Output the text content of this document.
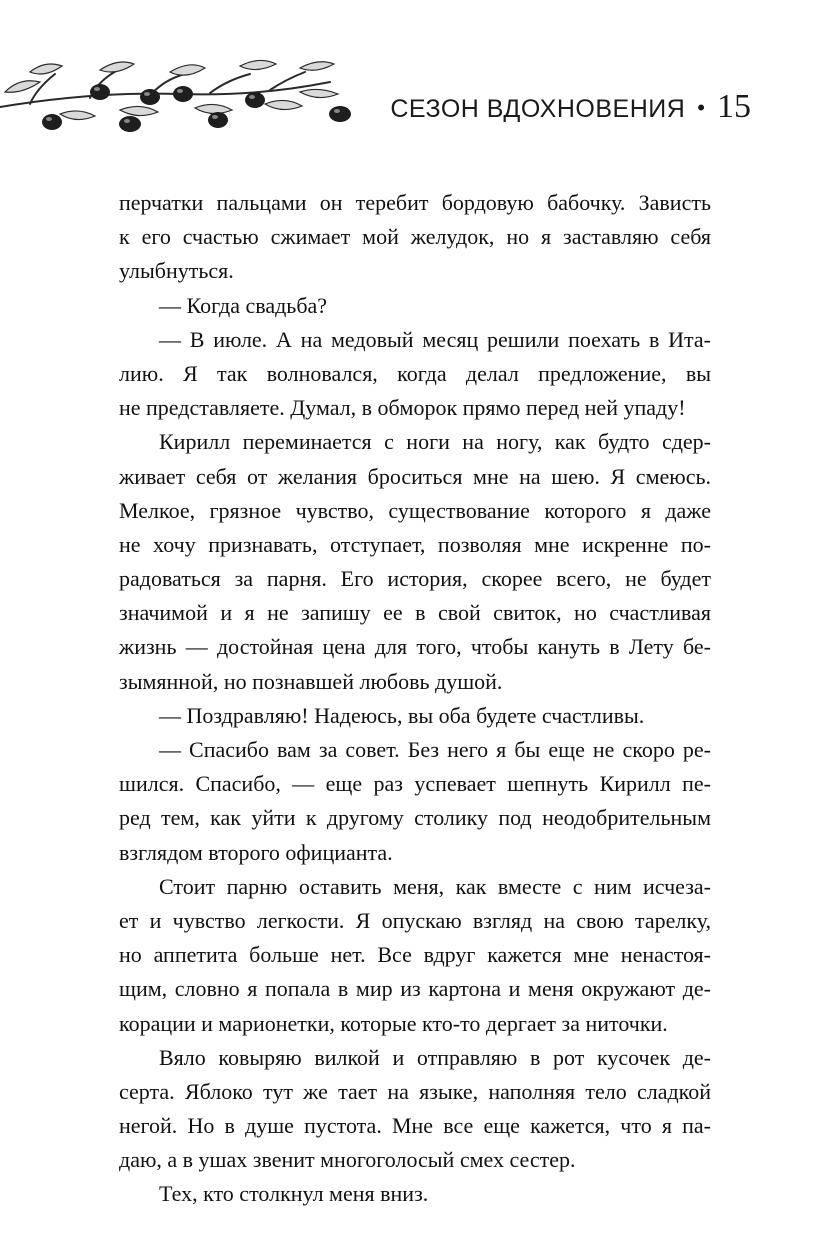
СЕЗОН ВДОХНОВЕНИЯ • 15
перчатки пальцами он теребит бордовую бабочку. Зависть
к его счастью сжимает мой желудок, но я заставляю себя
улыбнуться.
— Когда свадьба?
— В июле. А на медовый месяц решили поехать в Ита-
лию. Я так волновался, когда делал предложение, вы
не представляете. Думал, в обморок прямо перед ней упаду!
Кирилл переминается с ноги на ногу, как будто сдер-
живает себя от желания броситься мне на шею. Я смеюсь.
Мелкое, грязное чувство, существование которого я даже
не хочу признавать, отступает, позволяя мне искренне по-
радоваться за парня. Его история, скорее всего, не будет
значимой и я не запишу ее в свой свиток, но счастливая
жизнь — достойная цена для того, чтобы кануть в Лету бе-
зымянной, но познавшей любовь душой.
— Поздравляю! Надеюсь, вы оба будете счастливы.
— Спасибо вам за совет. Без него я бы еще не скоро ре-
шился. Спасибо, — еще раз успевает шепнуть Кирилл пе-
ред тем, как уйти к другому столику под неодобрительным
взглядом второго официанта.
Стоит парню оставить меня, как вместе с ним исчеза-
ет и чувство легкости. Я опускаю взгляд на свою тарелку,
но аппетита больше нет. Все вдруг кажется мне ненастоя-
щим, словно я попала в мир из картона и меня окружают де-
корации и марионетки, которые кто-то дергает за ниточки.
Вяло ковыряю вилкой и отправляю в рот кусочек де-
серта. Яблоко тут же тает на языке, наполняя тело сладкой
негой. Но в душе пустота. Мне все еще кажется, что я па-
даю, а в ушах звенит многоголосый смех сестер.
Тех, кто столкнул меня вниз.
